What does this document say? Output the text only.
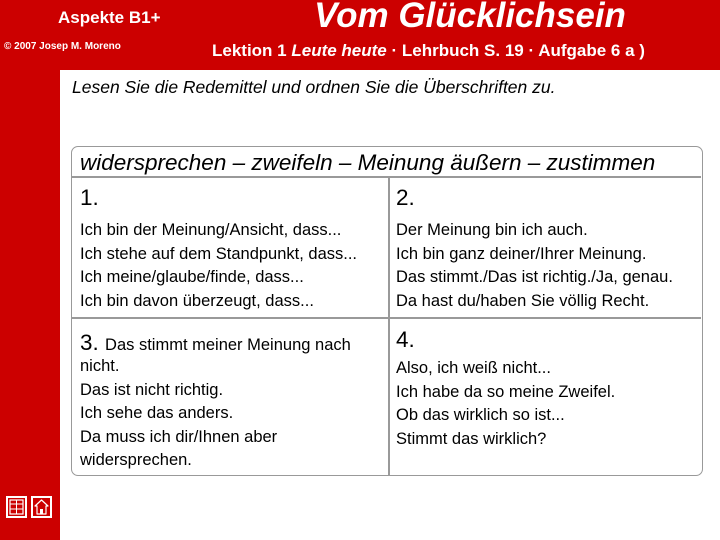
Aspekte B1+
© 2007 Josep M. Moreno
Vom Glücklichsein
Lektion 1 Leute heute · Lehrbuch S. 19 · Aufgabe 6 a )
Lesen Sie die Redemittel und ordnen Sie die Überschriften zu.
widersprechen – zweifeln – Meinung äußern – zustimmen
1.
Ich bin der Meinung/Ansicht, dass...
Ich stehe auf dem Standpunkt, dass...
Ich meine/glaube/finde, dass...
Ich bin davon überzeugt, dass...
2.
Der Meinung bin ich auch.
Ich bin ganz deiner/Ihrer Meinung.
Das stimmt./Das ist richtig./Ja, genau.
Da hast du/haben Sie völlig Recht.
3. Das stimmt meiner Meinung nach
nicht.
Das ist nicht richtig.
Ich sehe das anders.
Da muss ich dir/Ihnen aber
widersprechen.
4.
Also, ich weiß nicht...
Ich habe da so meine Zweifel.
Ob das wirklich so ist...
Stimmt das wirklich?
